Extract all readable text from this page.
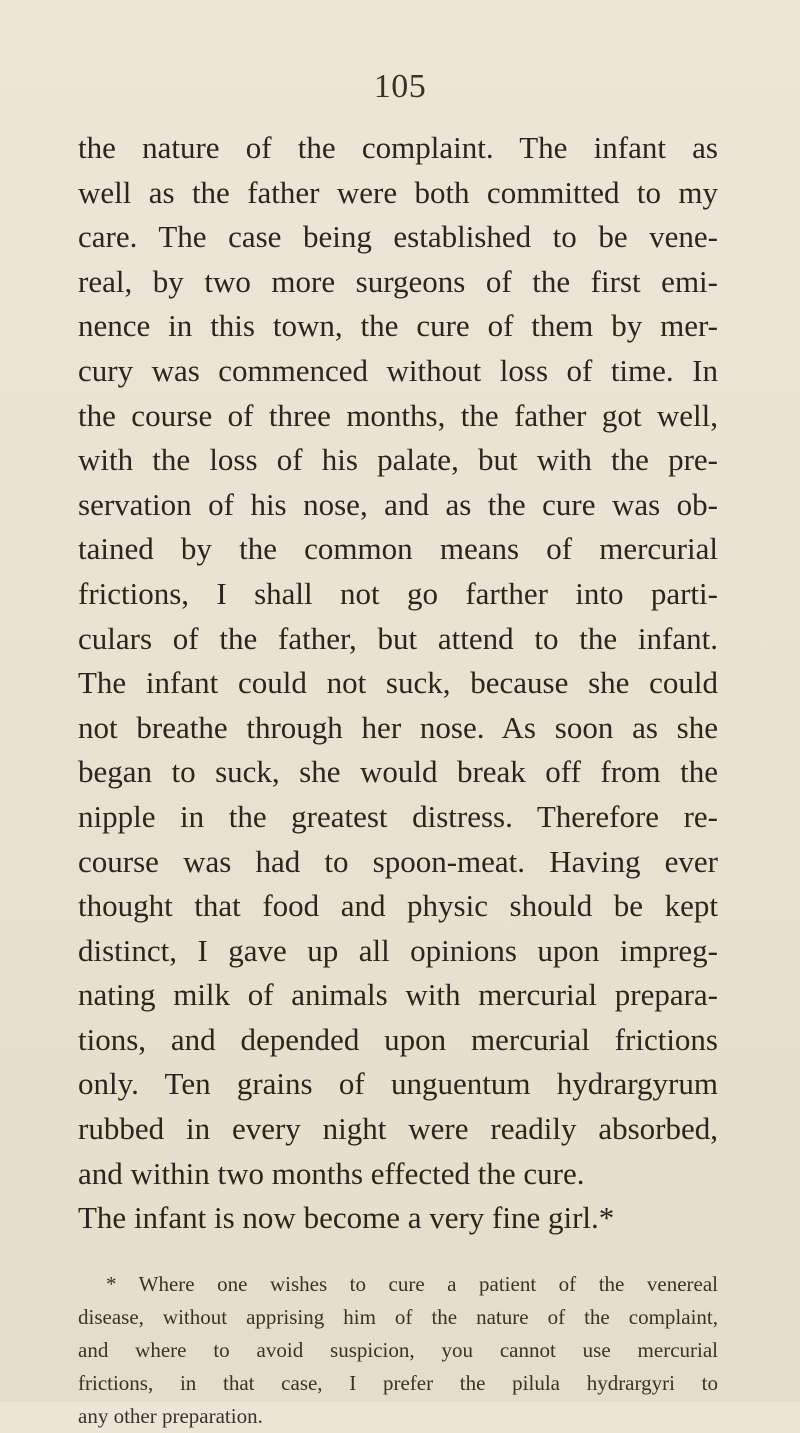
105
the nature of the complaint. The infant as
well as the father were both committed to my
care. The case being established to be vene-
real, by two more surgeons of the first emi-
nence in this town, the cure of them by mer-
cury was commenced without loss of time. In
the course of three months, the father got well,
with the loss of his palate, but with the pre-
servation of his nose, and as the cure was ob-
tained by the common means of mercurial
frictions, I shall not go farther into parti-
culars of the father, but attend to the infant.
The infant could not suck, because she could
not breathe through her nose. As soon as she
began to suck, she would break off from the
nipple in the greatest distress. Therefore re-
course was had to spoon-meat. Having ever
thought that food and physic should be kept
distinct, I gave up all opinions upon impreg-
nating milk of animals with mercurial prepara-
tions, and depended upon mercurial frictions
only. Ten grains of unguentum hydrargyrum
rubbed in every night were readily absorbed,
and within two months effected the cure.
The infant is now become a very fine girl.*
* Where one wishes to cure a patient of the venereal
disease, without apprising him of the nature of the complaint,
and where to avoid suspicion, you cannot use mercurial
frictions, in that case, I prefer the pilula hydrargyri to
any other preparation.
